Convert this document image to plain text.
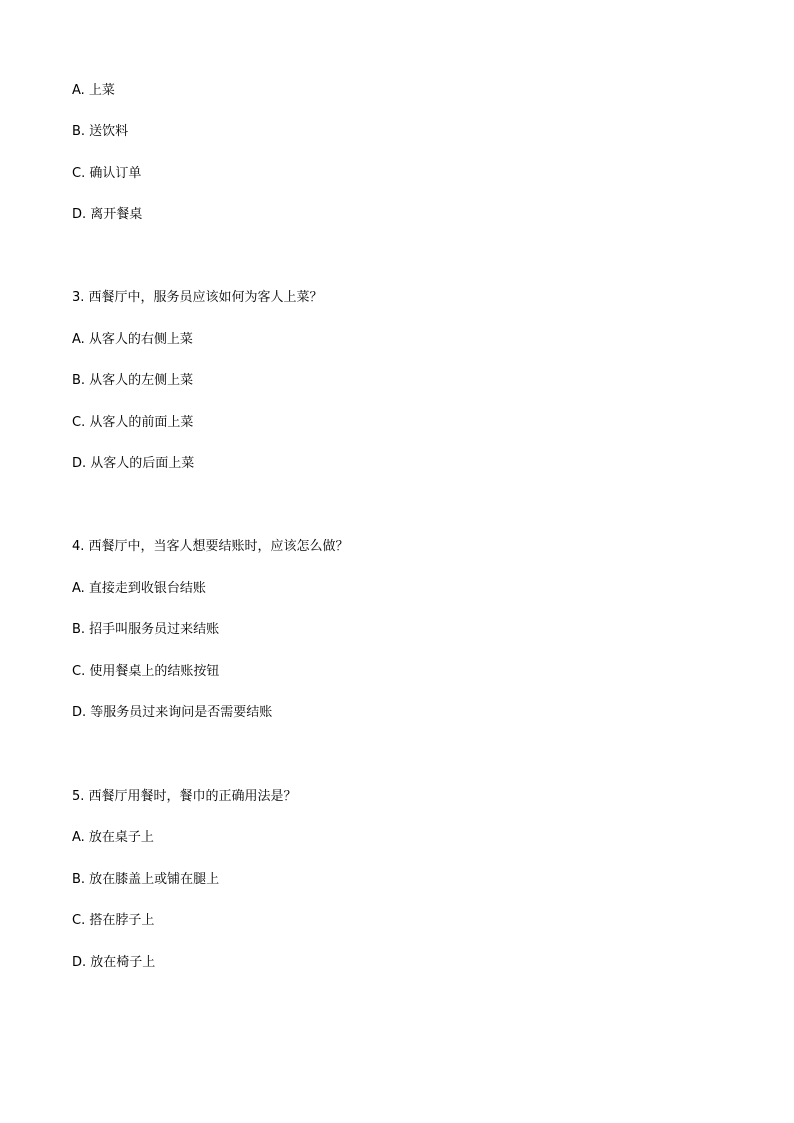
A. 上菜
B. 送饮料
C. 确认订单
D. 离开餐桌
3. 西餐厅中，服务员应该如何为客人上菜？
A. 从客人的右侧上菜
B. 从客人的左侧上菜
C. 从客人的前面上菜
D. 从客人的后面上菜
4. 西餐厅中，当客人想要结账时，应该怎么做？
A. 直接走到收银台结账
B. 招手叫服务员过来结账
C. 使用餐桌上的结账按钮
D. 等服务员过来询问是否需要结账
5. 西餐厅用餐时，餐巾的正确用法是？
A. 放在桌子上
B. 放在膝盖上或铺在腿上
C. 搭在脖子上
D. 放在椅子上
